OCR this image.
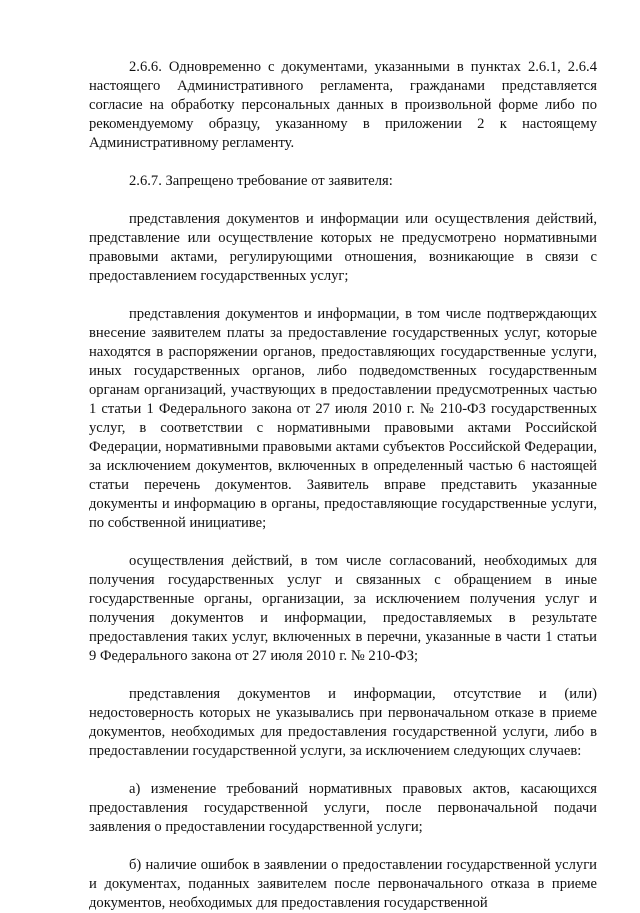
2.6.6. Одновременно с документами, указанными в пунктах 2.6.1, 2.6.4 настоящего Административного регламента, гражданами представляется согласие на обработку персональных данных в произвольной форме либо по рекомендуемому образцу, указанному в приложении 2 к настоящему Административному регламенту.

2.6.7. Запрещено требование от заявителя:

представления документов и информации или осуществления действий, представление или осуществление которых не предусмотрено нормативными правовыми актами, регулирующими отношения, возникающие в связи с предоставлением государственных услуг;

представления документов и информации, в том числе подтверждающих внесение заявителем платы за предоставление государственных услуг, которые находятся в распоряжении органов, предоставляющих государственные услуги, иных государственных органов, либо подведомственных государственным органам организаций, участвующих в предоставлении предусмотренных частью 1 статьи 1 Федерального закона от 27 июля 2010 г. № 210-ФЗ государственных услуг, в соответствии с нормативными правовыми актами Российской Федерации, нормативными правовыми актами субъектов Российской Федерации, за исключением документов, включенных в определенный частью 6 настоящей статьи перечень документов. Заявитель вправе представить указанные документы и информацию в органы, предоставляющие государственные услуги, по собственной инициативе;

осуществления действий, в том числе согласований, необходимых для получения государственных услуг и связанных с обращением в иные государственные органы, организации, за исключением получения услуг и получения документов и информации, предоставляемых в результате предоставления таких услуг, включенных в перечни, указанные в части 1 статьи 9 Федерального закона от 27 июля 2010 г. № 210-ФЗ;

представления документов и информации, отсутствие и (или) недостоверность которых не указывались при первоначальном отказе в приеме документов, необходимых для предоставления государственной услуги, либо в предоставлении государственной услуги, за исключением следующих случаев:

а) изменение требований нормативных правовых актов, касающихся предоставления государственной услуги, после первоначальной подачи заявления о предоставлении государственной услуги;

б) наличие ошибок в заявлении о предоставлении государственной услуги и документах, поданных заявителем после первоначального отказа в приеме документов, необходимых для предоставления государственной
